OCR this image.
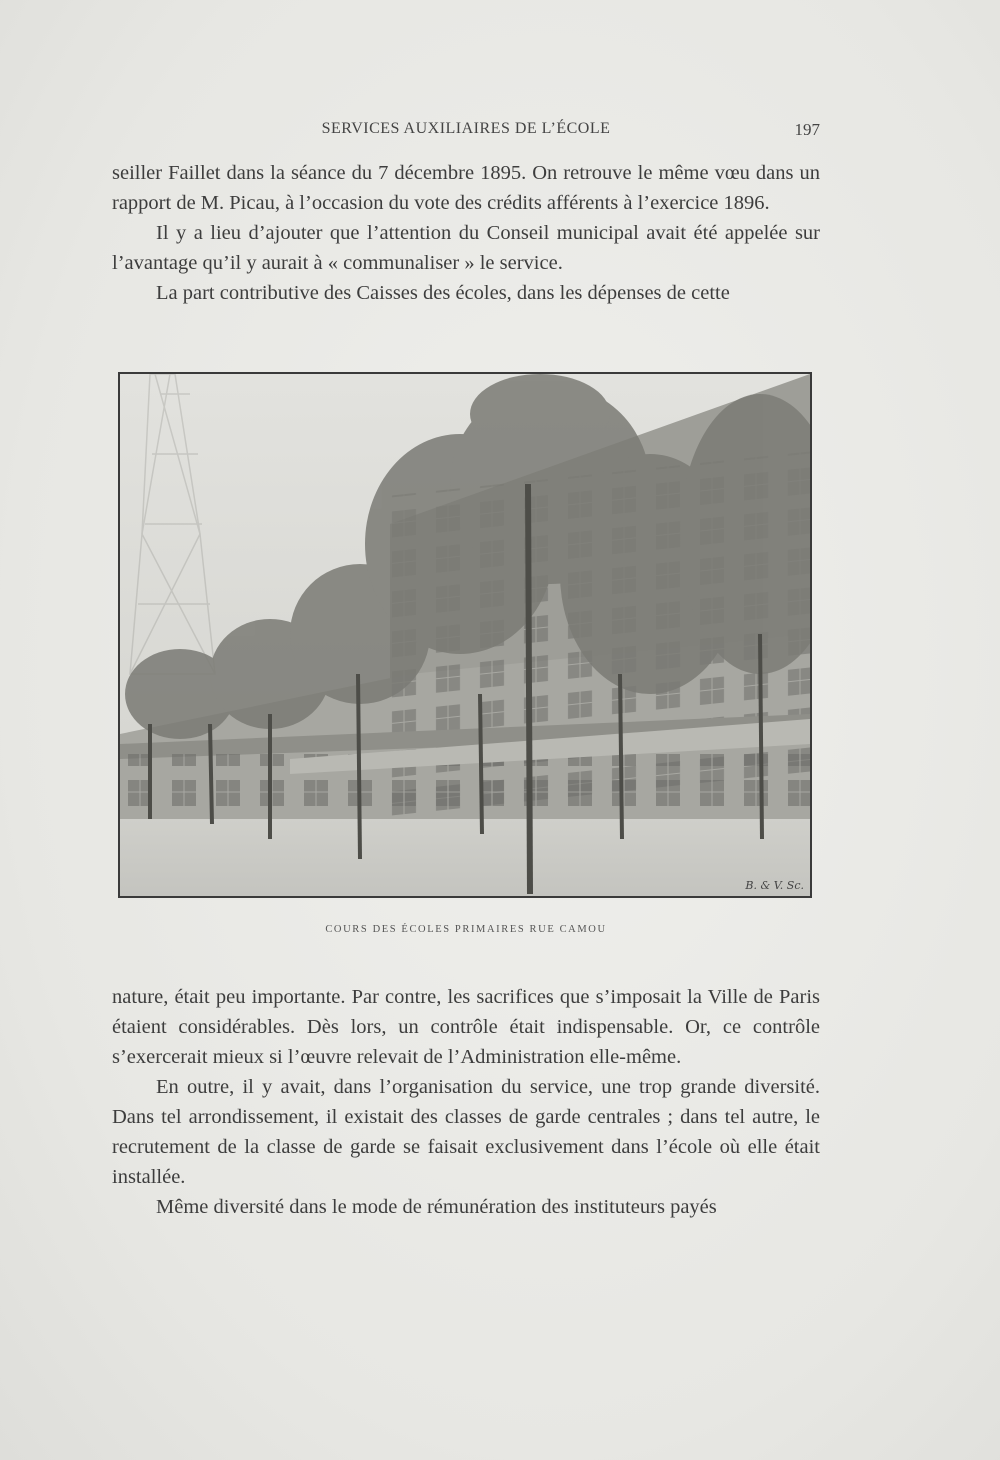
SERVICES AUXILIAIRES DE L’ÉCOLE	197

seiller Faillet dans la séance du 7 décembre 1895. On retrouve le même vœu dans un rapport de M. Picau, à l’occasion du vote des crédits afférents à l’exercice 1896.

Il y a lieu d’ajouter que l’attention du Conseil municipal avait été appelée sur l’avantage qu’il y aurait à « communaliser » le service.

La part contributive des Caisses des écoles, dans les dépenses de cette

B. & V. Sc.
COURS DES ÉCOLES PRIMAIRES RUE CAMOU

nature, était peu importante. Par contre, les sacrifices que s’imposait la Ville de Paris étaient considérables. Dès lors, un contrôle était indispensable. Or, ce contrôle s’exercerait mieux si l’œuvre relevait de l’Administration elle-même.

En outre, il y avait, dans l’organisation du service, une trop grande diversité. Dans tel arrondissement, il existait des classes de garde centrales ; dans tel autre, le recrutement de la classe de garde se faisait exclusivement dans l’école où elle était installée.

Même diversité dans le mode de rémunération des instituteurs payés
